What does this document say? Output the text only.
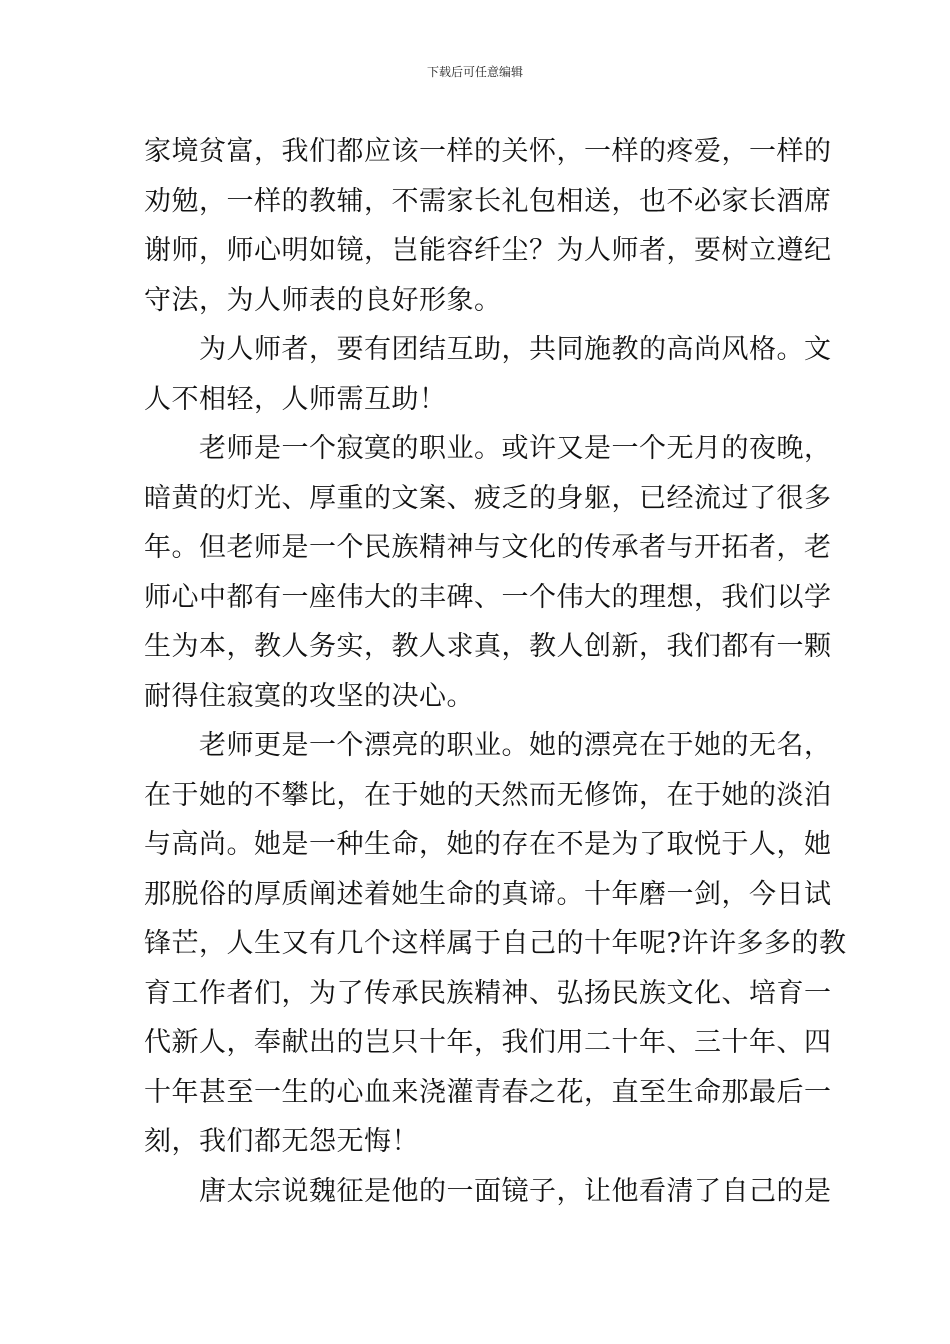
下载后可任意编辑

家境贫富，我们都应该一样的关怀，一样的疼爱，一样的
劝勉，一样的教辅，不需家长礼包相送，也不必家长酒席
谢师，师心明如镜，岂能容纤尘？为人师者，要树立遵纪
守法，为人师表的良好形象。

　　为人师者，要有团结互助，共同施教的高尚风格。文
人不相轻，人师需互助！

　　老师是一个寂寞的职业。或许又是一个无月的夜晚，
暗黄的灯光、厚重的文案、疲乏的身躯，已经流过了很多
年。但老师是一个民族精神与文化的传承者与开拓者，老
师心中都有一座伟大的丰碑、一个伟大的理想，我们以学
生为本，教人务实，教人求真，教人创新，我们都有一颗
耐得住寂寞的攻坚的决心。

　　老师更是一个漂亮的职业。她的漂亮在于她的无名，
在于她的不攀比，在于她的天然而无修饰，在于她的淡泊
与高尚。她是一种生命，她的存在不是为了取悦于人，她
那脱俗的厚质阐述着她生命的真谛。十年磨一剑，今日试
锋芒，人生又有几个这样属于自己的十年呢?许许多多的教
育工作者们，为了传承民族精神、弘扬民族文化、培育一
代新人，奉献出的岂只十年，我们用二十年、三十年、四
十年甚至一生的心血来浇灌青春之花，直至生命那最后一
刻，我们都无怨无悔！

　　唐太宗说魏征是他的一面镜子，让他看清了自己的是
